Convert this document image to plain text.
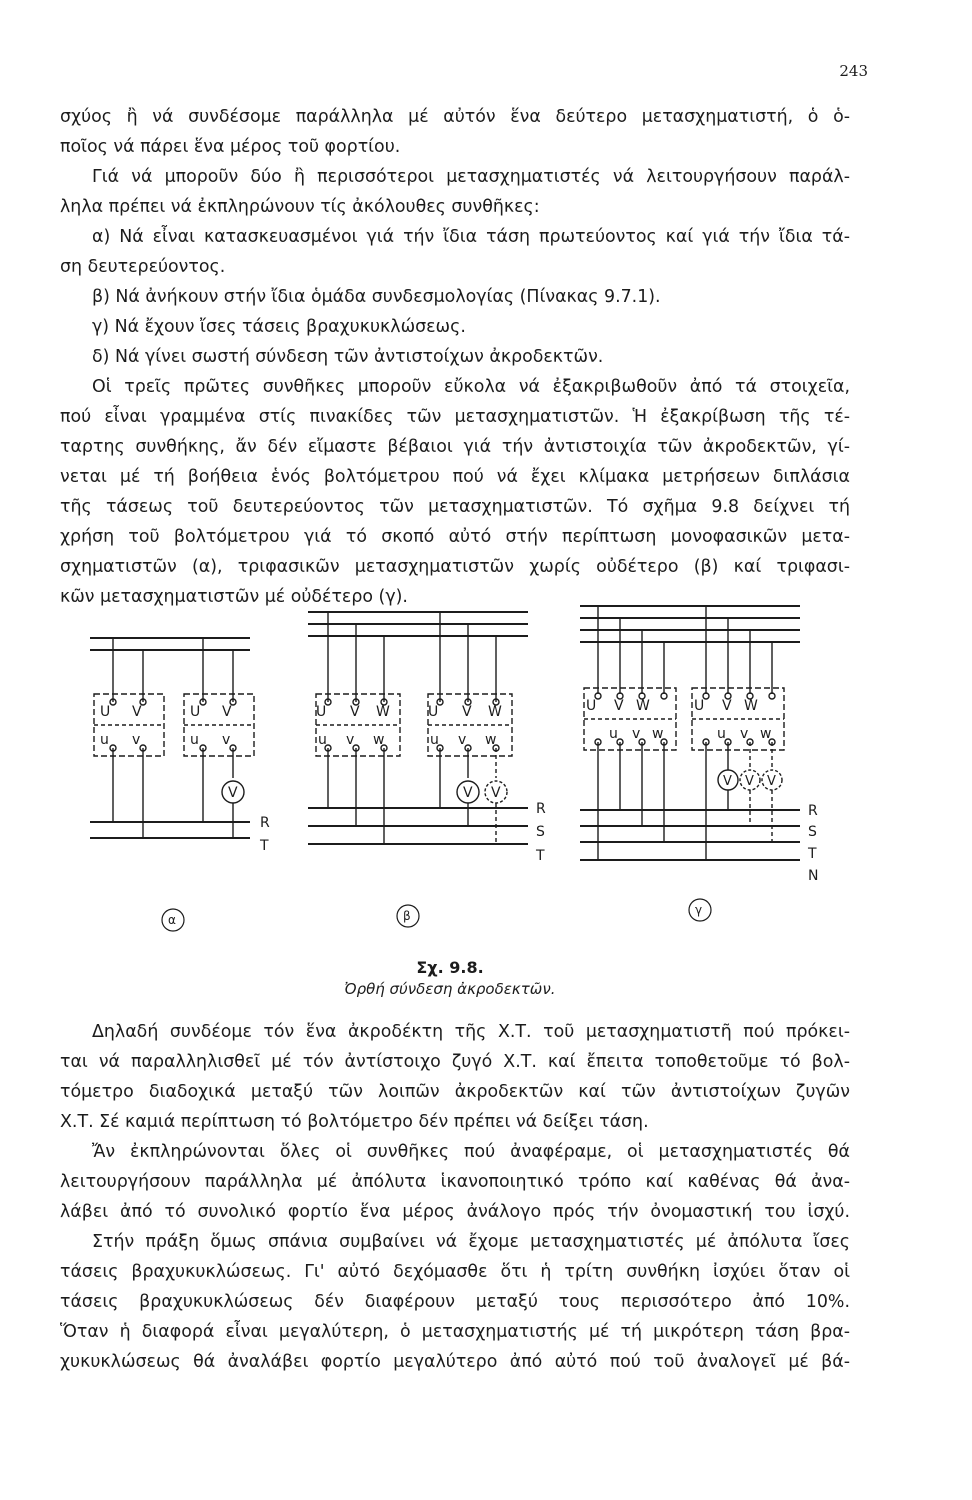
243
σχύος ἢ νά συνδέσομε παράλληλα μέ αὐτόν ἕνα δεύτερο μετασχηματιστή, ὁ ὁ-
ποῖος νά πάρει ἕνα μέρος τοῦ φορτίου.
Γιά νά μποροῦν δύο ἢ περισσότεροι μετασχηματιστές νά λειτουργήσουν παράλ-
ληλα πρέπει νά ἐκπληρώνουν τίς ἀκόλουθες συνθῆκες:
α) Νά εἶναι κατασκευασμένοι γιά τήν ἴδια τάση πρωτεύοντος καί γιά τήν ἴδια τά-
ση δευτερεύοντος.
β) Νά ἀνήκουν στήν ἴδια ὁμάδα συνδεσμολογίας (Πίνακας 9.7.1).
γ) Νά ἔχουν ἴσες τάσεις βραχυκυκλώσεως.
δ) Νά γίνει σωστή σύνδεση τῶν ἀντιστοίχων ἀκροδεκτῶν.
Οἱ τρεῖς πρῶτες συνθῆκες μποροῦν εὔκολα νά ἐξακριβωθοῦν ἀπό τά στοιχεῖα,
πού εἶναι γραμμένα στίς πινακίδες τῶν μετασχηματιστῶν. Ἡ ἐξακρίβωση τῆς τέ-
ταρτης συνθήκης, ἄν δέν εἴμαστε βέβαιοι γιά τήν ἀντιστοιχία τῶν ἀκροδεκτῶν, γί-
νεται μέ τή βοήθεια ἑνός βολτόμετρου πού νά ἔχει κλίμακα μετρήσεων διπλάσια
τῆς τάσεως τοῦ δευτερεύοντος τῶν μετασχηματιστῶν. Τό σχῆμα 9.8 δείχνει τή
χρήση τοῦ βολτόμετρου γιά τό σκοπό αὐτό στήν περίπτωση μονοφασικῶν μετα-
σχηματιστῶν (α), τριφασικῶν μετασχηματιστῶν χωρίς οὐδέτερο (β) καί τριφασι-
κῶν μετασχηματιστῶν μέ οὐδέτερο (γ).
U V	U V
u v	u v
V
R
T
α
U V W	U V W
u v w	u v w
V V
R
S
T
β
U V W	U V W
u v w	u v w
V V V
R
S
T
N
γ
Σχ. 9.8.
Ὀρθή σύνδεση ἀκροδεκτῶν.
Δηλαδή συνδέομε τόν ἕνα ἀκροδέκτη τῆς Χ.Τ. τοῦ μετασχηματιστῆ πού πρόκει-
ται νά παραλληλισθεῖ μέ τόν ἀντίστοιχο ζυγό Χ.Τ. καί ἔπειτα τοποθετοῦμε τό βολ-
τόμετρο διαδοχικά μεταξύ τῶν λοιπῶν ἀκροδεκτῶν καί τῶν ἀντιστοίχων ζυγῶν
Χ.Τ. Σέ καμιά περίπτωση τό βολτόμετρο δέν πρέπει νά δείξει τάση.
Ἄν ἐκπληρώνονται ὅλες οἱ συνθῆκες πού ἀναφέραμε, οἱ μετασχηματιστές θά
λειτουργήσουν παράλληλα μέ ἀπόλυτα ἱκανοποιητικό τρόπο καί καθένας θά ἀνα-
λάβει ἀπό τό συνολικό φορτίο ἕνα μέρος ἀνάλογο πρός τήν ὀνομαστική του ἰσχύ.
Στήν πράξη ὅμως σπάνια συμβαίνει νά ἔχομε μετασχηματιστές μέ ἀπόλυτα ἴσες
τάσεις βραχυκυκλώσεως. Γι' αὐτό δεχόμασθε ὅτι ἡ τρίτη συνθήκη ἰσχύει ὅταν οἱ
τάσεις βραχυκυκλώσεως δέν διαφέρουν μεταξύ τους περισσότερο ἀπό 10%.
Ὅταν ἡ διαφορά εἶναι μεγαλύτερη, ὁ μετασχηματιστής μέ τή μικρότερη τάση βρα-
χυκυκλώσεως θά ἀναλάβει φορτίο μεγαλύτερο ἀπό αὐτό πού τοῦ ἀναλογεῖ μέ βά-
